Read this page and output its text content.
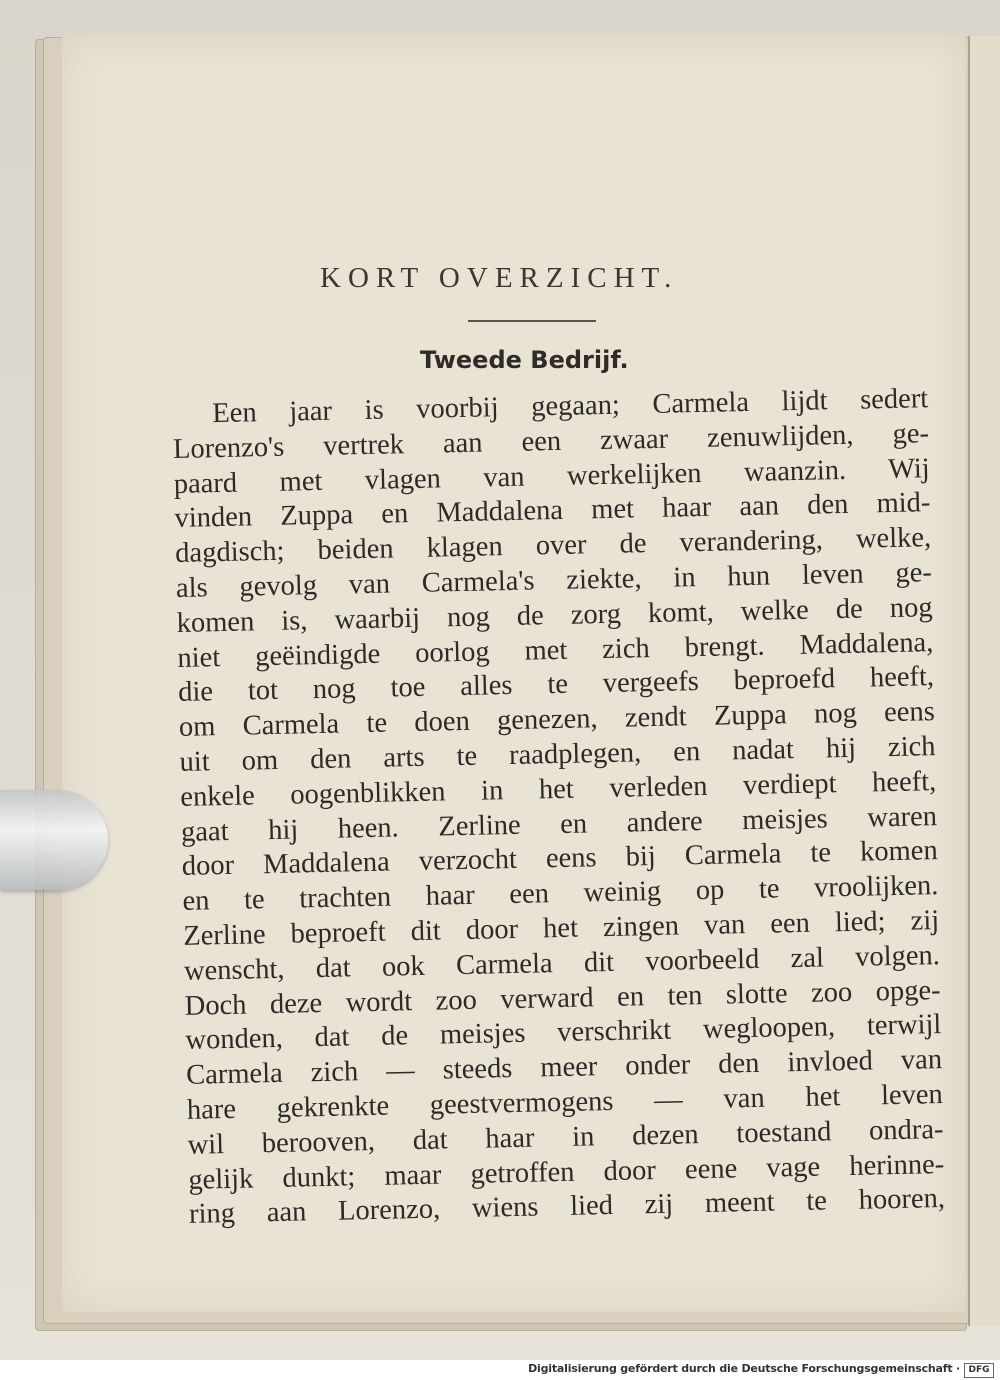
KORT OVERZICHT.
Tweede Bedrijf.
Een jaar is voorbij gegaan; Carmela lijdt sedert
Lorenzo's vertrek aan een zwaar zenuwlijden, ge-
paard met vlagen van werkelijken waanzin. Wij
vinden Zuppa en Maddalena met haar aan den mid-
dagdisch; beiden klagen over de verandering, welke,
als gevolg van Carmela's ziekte, in hun leven ge-
komen is, waarbij nog de zorg komt, welke de nog
niet geëindigde oorlog met zich brengt. Maddalena,
die tot nog toe alles te vergeefs beproefd heeft,
om Carmela te doen genezen, zendt Zuppa nog eens
uit om den arts te raadplegen, en nadat hij zich
enkele oogenblikken in het verleden verdiept heeft,
gaat hij heen. Zerline en andere meisjes waren
door Maddalena verzocht eens bij Carmela te komen
en te trachten haar een weinig op te vroolijken.
Zerline beproeft dit door het zingen van een lied; zij
wenscht, dat ook Carmela dit voorbeeld zal volgen.
Doch deze wordt zoo verward en ten slotte zoo opge-
wonden, dat de meisjes verschrikt wegloopen, terwijl
Carmela zich — steeds meer onder den invloed van
hare gekrenkte geestvermogens — van het leven
wil berooven, dat haar in dezen toestand ondra-
gelijk dunkt; maar getroffen door eene vage herinne-
ring aan Lorenzo, wiens lied zij meent te hooren,
Digitalisierung gefördert durch die Deutsche Forschungsgemeinschaft · DFG
